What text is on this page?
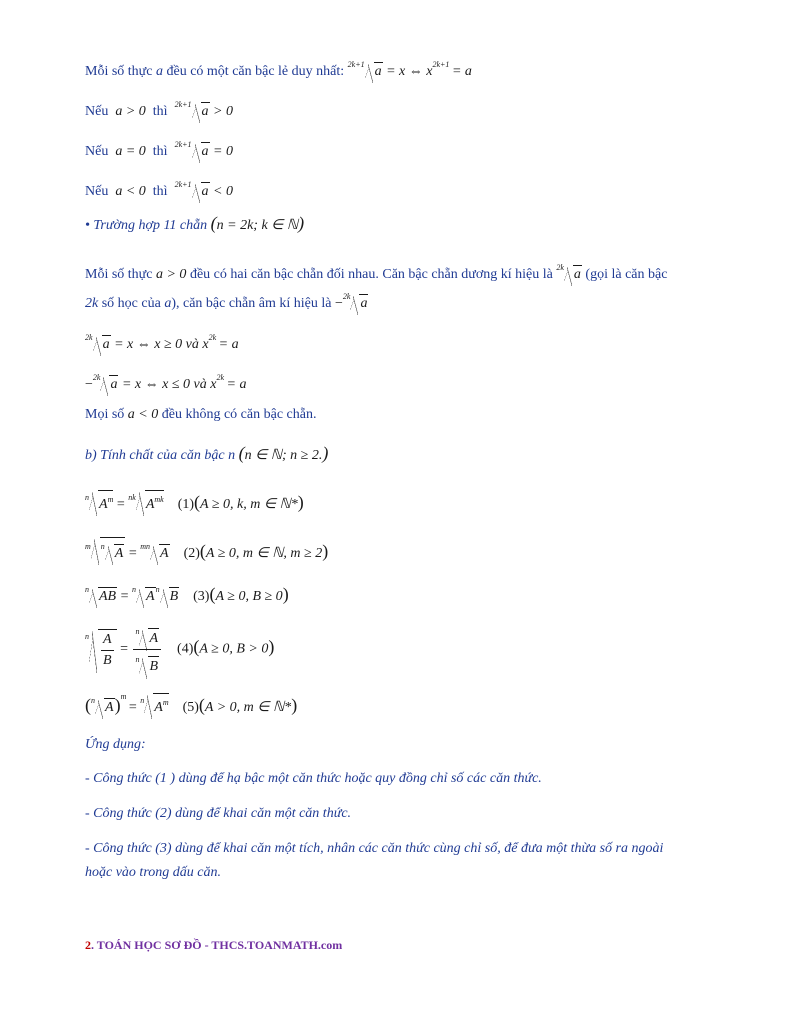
Mỗi số thực a đều có một căn bậc lẻ duy nhất: $^{2k+1}$ a = x ⇔ $x^{2k+1} = a$
Nếu a > 0 thì $^{2k+1}$ a > 0
Nếu a = 0 thì $^{2k+1}$ a = 0
Nếu a < 0 thì $^{2k+1}$ a < 0
• Trường hợp 11 chẵn (n = 2k; k ∈ ℕ)
Mỗi số thực a > 0 đều có hai căn bậc chẵn đối nhau. Căn bậc chẵn dương kí hiệu là $^{2k}$ a (gọi là căn bậc
2k số học của a), căn bậc chẵn âm kí hiệu là −$^{2k}$ a
$^{2k}$ a = x ⇔ x ≥ 0 và $x^{2k} = a$
−$^{2k}$ a = x ⇔ x ≤ 0 và $x^{2k} = a$
Mọi số a < 0 đều không có căn bậc chẵn.
b) Tính chất của căn bậc n (n ∈ ℕ; n ≥ 2.)
$^n$ $A^m = ^{nk}$ $A^{mk}$ (1)(A ≥ 0, k, m ∈ ℕ*)
$^m$ $^n$ A = $^{mn}$ A (2)(A ≥ 0, m ∈ ℕ, m ≥ 2)
$^n$ AB = $^n$ $A^n$ B (3)(A ≥ 0, B ≥ 0)
$^n \frac{A}{B} = \frac{^n A}{^n B} (4)(A \ge 0$, B > 0)
($^n$ A)$^m$ = $^n$ $A^m$ (5)(A > 0, m ∈ ℕ*)
Ứng dụng:
- Công thức (1 ) dùng để hạ bậc một căn thức hoặc quy đồng chỉ số các căn thức.
- Công thức (2) dùng để khai căn một căn thức.
- Công thức (3) dùng để khai căn một tích, nhân các căn thức cùng chỉ số, để đưa một thừa số ra ngoài
hoặc vào trong dấu căn.
2. TOÁN HỌC SƠ ĐỒ - THCS.TOANMATH.com
